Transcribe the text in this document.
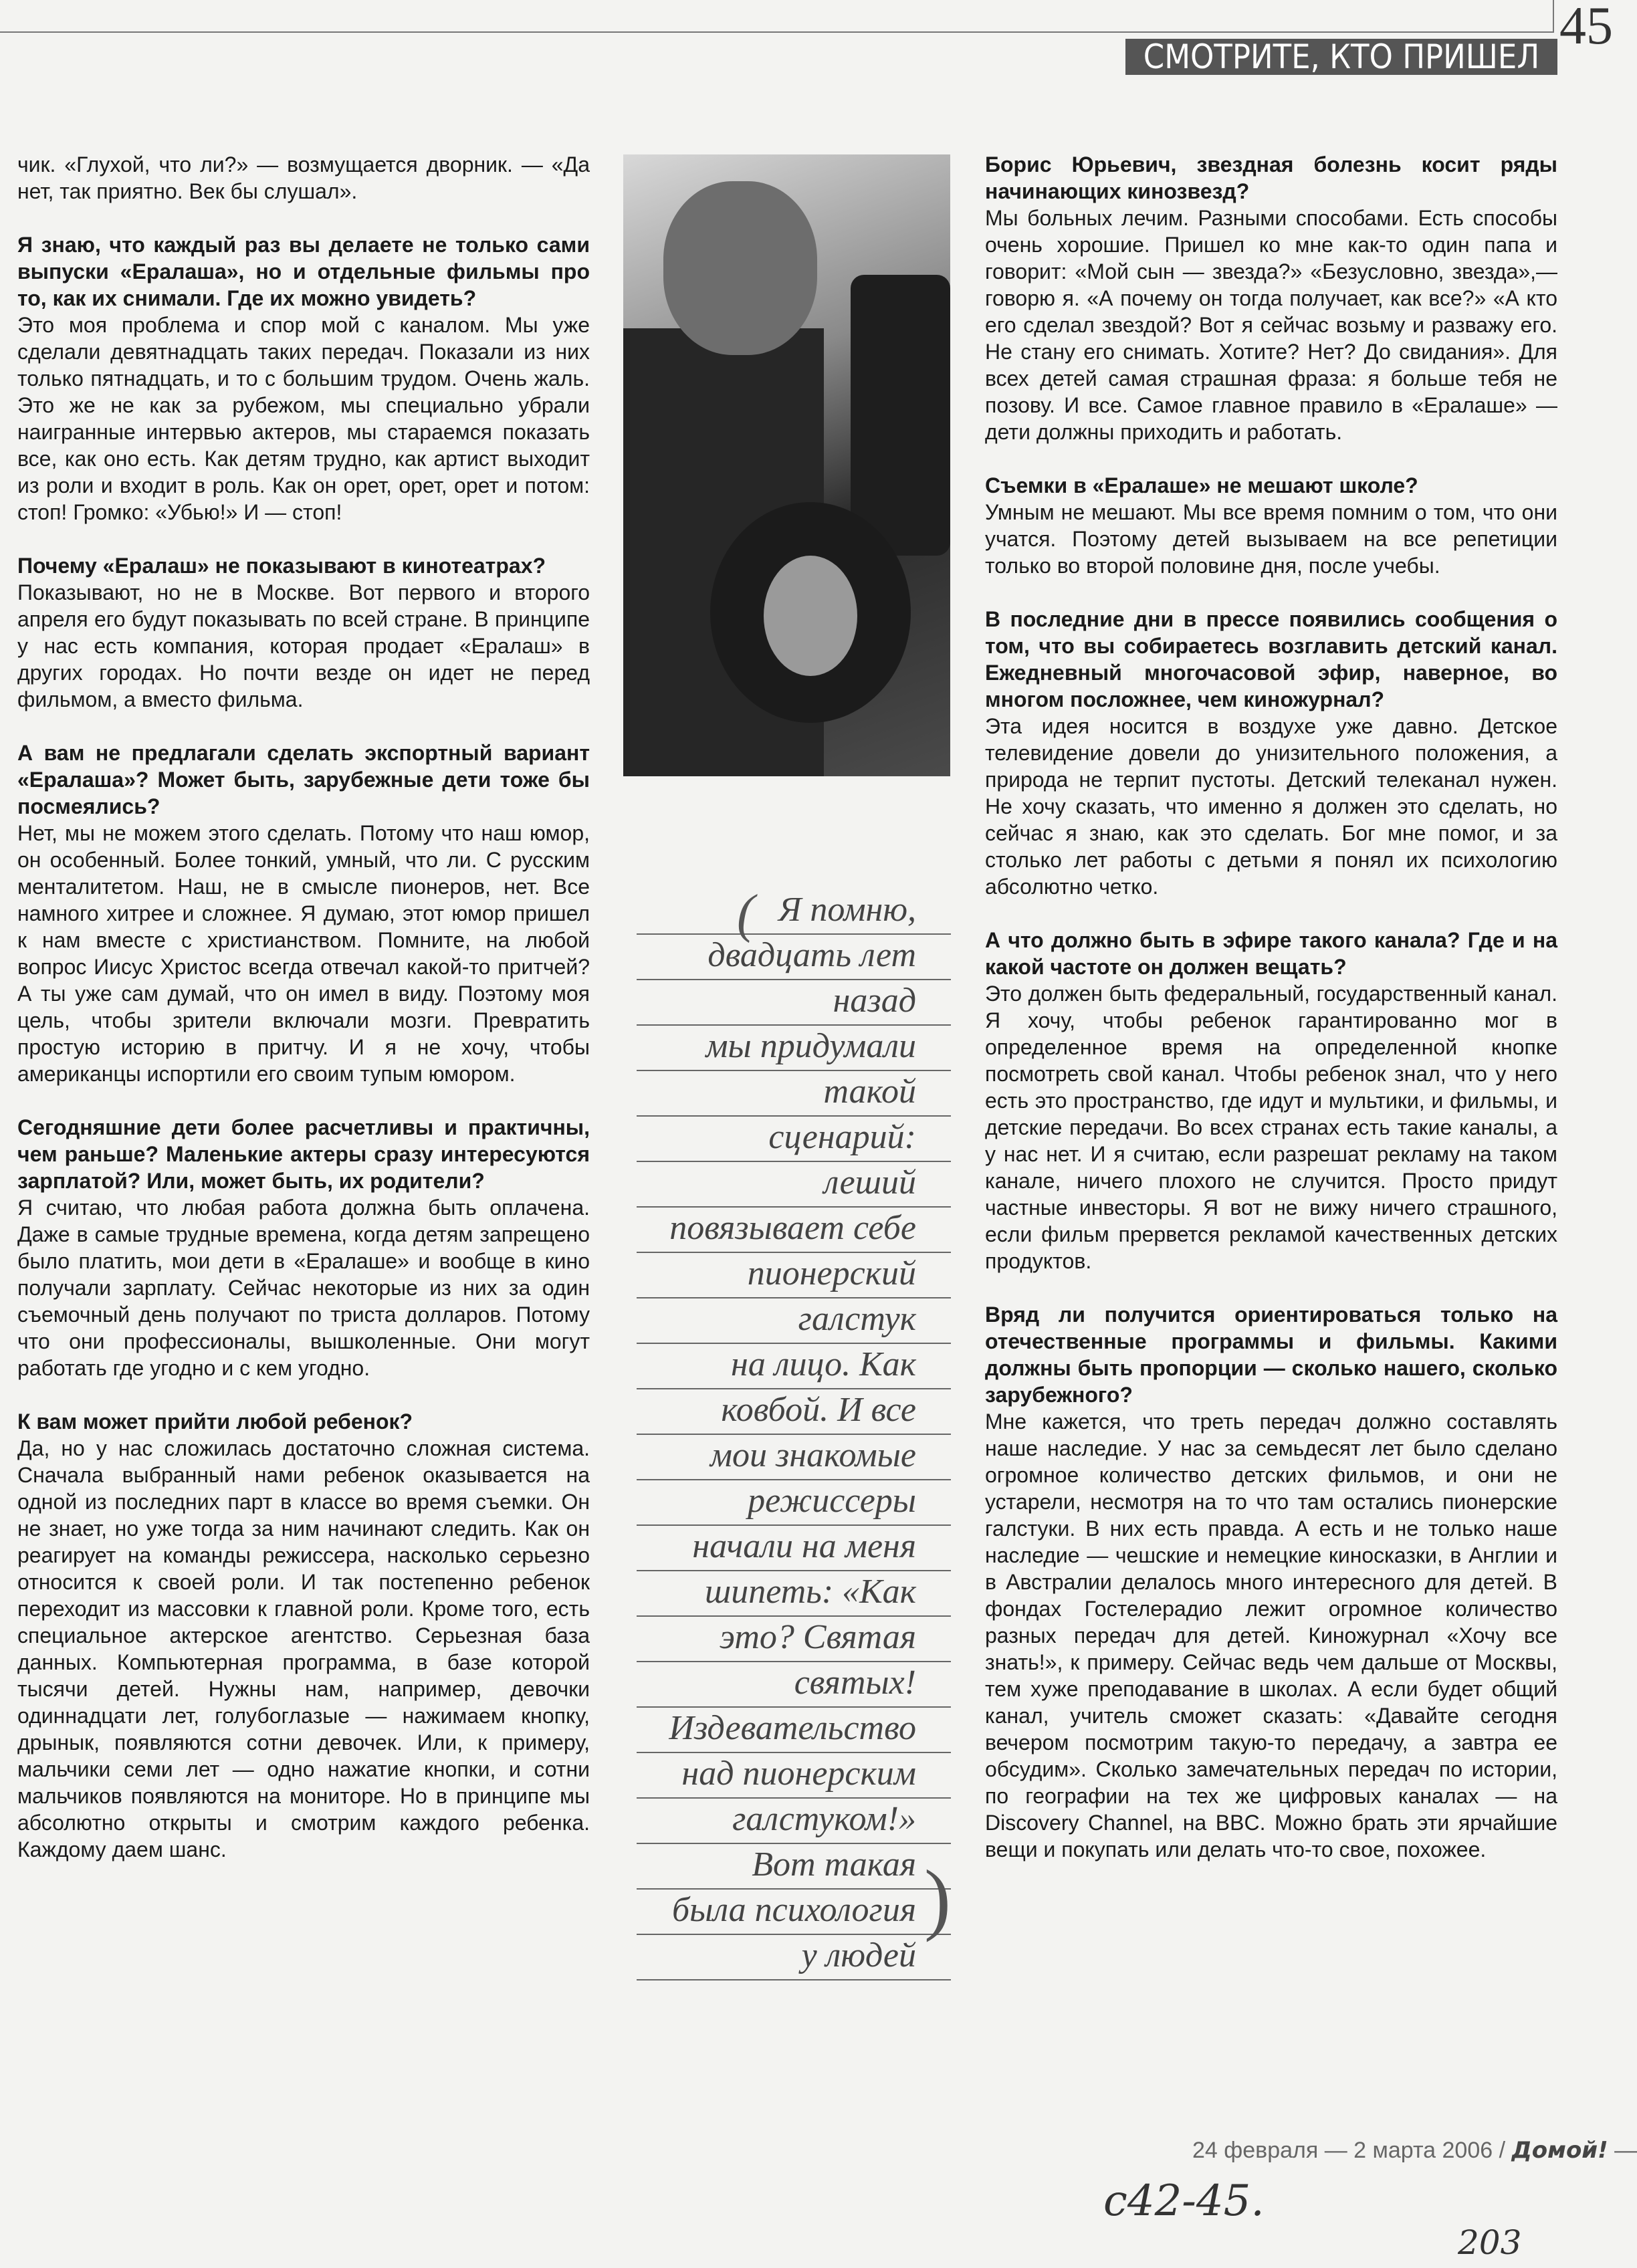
СМОТРИТЕ, КТО ПРИШЕЛ
45

чик. «Глухой, что ли?» — возмущается дворник. — «Да нет, так приятно. Век бы слушал».

Я знаю, что каждый раз вы делаете не только сами выпуски «Ералаша», но и отдельные фильмы про то, как их снимали. Где их можно увидеть?

Это моя проблема и спор мой с каналом. Мы уже сделали девятнадцать таких передач. Показали из них только пятнадцать, и то с большим трудом. Очень жаль. Это же не как за рубежом, мы специально убрали наигранные интервью актеров, мы стараемся показать все, как оно есть. Как детям трудно, как артист выходит из роли и входит в роль. Как он орет, орет, орет и потом: стоп! Громко: «Убью!» И — стоп!

Почему «Ералаш» не показывают в кинотеатрах?

Показывают, но не в Москве. Вот первого и второго апреля его будут показывать по всей стране. В принципе у нас есть компания, которая продает «Ералаш» в других городах. Но почти везде он идет не перед фильмом, а вместо фильма.

А вам не предлагали сделать экспортный вариант «Ералаша»? Может быть, зарубежные дети тоже бы посмеялись?

Нет, мы не можем этого сделать. Потому что наш юмор, он особенный. Более тонкий, умный, что ли. С русским менталитетом. Наш, не в смысле пионеров, нет. Все намного хитрее и сложнее. Я думаю, этот юмор пришел к нам вместе с христианством. Помните, на любой вопрос Иисус Христос всегда отвечал какой-то притчей? А ты уже сам думай, что он имел в виду. Поэтому моя цель, чтобы зрители включали мозги. Превратить простую историю в притчу. И я не хочу, чтобы американцы испортили его своим тупым юмором.

Сегодняшние дети более расчетливы и практичны, чем раньше? Маленькие актеры сразу интересуются зарплатой? Или, может быть, их родители?

Я считаю, что любая работа должна быть оплачена. Даже в самые трудные времена, когда детям запрещено было платить, мои дети в «Ералаше» и вообще в кино получали зарплату. Сейчас некоторые из них за один съемочный день получают по триста долларов. Потому что они профессионалы, вышколенные. Они могут работать где угодно и с кем угодно.

К вам может прийти любой ребенок?

Да, но у нас сложилась достаточно сложная система. Сначала выбранный нами ребенок оказывается на одной из последних парт в классе во время съемки. Он не знает, но уже тогда за ним начинают следить. Как он реагирует на команды режиссера, насколько серьезно относится к своей роли. И так постепенно ребенок переходит из массовки к главной роли. Кроме того, есть специальное актерское агентство. Серьезная база данных. Компьютерная программа, в базе которой тысячи детей. Нужны нам, например, девочки одиннадцати лет, голубоглазые — нажимаем кнопку, дрынык, появляются сотни девочек. Или, к примеру, мальчики семи лет — одно нажатие кнопки, и сотни мальчиков появляются на мониторе. Но в принципе мы абсолютно открыты и смотрим каждого ребенка. Каждому даем шанс.

(
)
Я помню,
двадцать лет
назад
мы придумали
такой
сценарий:
леший
повязывает себе
пионерский
галстук
на лицо. Как
ковбой. И все
мои знакомые
режиссеры
начали на меня
шипеть: «Как
это? Святая
святых!
Издевательство
над пионерским
галстуком!»
Вот такая
была психология
у людей

Борис Юрьевич, звездная болезнь косит ряды начинающих кинозвезд?

Мы больных лечим. Разными способами. Есть способы очень хорошие. Пришел ко мне как-то один папа и говорит: «Мой сын — звезда?» «Безусловно, звезда»,— говорю я. «А почему он тогда получает, как все?» «А кто его сделал звездой? Вот я сейчас возьму и разважу его. Не стану его снимать. Хотите? Нет? До свидания». Для всех детей самая страшная фраза: я больше тебя не позову. И все. Самое главное правило в «Ералаше» — дети должны приходить и работать.

Съемки в «Ералаше» не мешают школе?

Умным не мешают. Мы все время помним о том, что они учатся. Поэтому детей вызываем на все репетиции только во второй половине дня, после учебы.

В последние дни в прессе появились сообщения о том, что вы собираетесь возглавить детский канал. Ежедневный многочасовой эфир, наверное, во многом посложнее, чем киножурнал?

Эта идея носится в воздухе уже давно. Детское телевидение довели до унизительного положения, а природа не терпит пустоты. Детский телеканал нужен. Не хочу сказать, что именно я должен это сделать, но сейчас я знаю, как это сделать. Бог мне помог, и за столько лет работы с детьми я понял их психологию абсолютно четко.

А что должно быть в эфире такого канала? Где и на какой частоте он должен вещать?

Это должен быть федеральный, государственный канал. Я хочу, чтобы ребенок гарантированно мог в определенное время на определенной кнопке посмотреть свой канал. Чтобы ребенок знал, что у него есть это пространство, где идут и мультики, и фильмы, и детские передачи. Во всех странах есть такие каналы, а у нас нет. И я считаю, если разрешат рекламу на таком канале, ничего плохого не случится. Просто придут частные инвесторы. Я вот не вижу ничего страшного, если фильм прервется рекламой качественных детских продуктов.

Вряд ли получится ориентироваться только на отечественные программы и фильмы. Какими должны быть пропорции — сколько нашего, сколько зарубежного?

Мне кажется, что треть передач должно составлять наше наследие. У нас за семьдесят лет было сделано огромное количество детских фильмов, и они не устарели, несмотря на то что там остались пионерские галстуки. В них есть правда. А есть и не только наше наследие — чешские и немецкие киносказки, в Англии и в Австралии делалось много интересного для детей. В фондах Гостелерадио лежит огромное количество разных передач для детей. Киножурнал «Хочу все знать!», к примеру. Сейчас ведь чем дальше от Москвы, тем хуже преподавание в школах. А если будет общий канал, учитель сможет сказать: «Давайте сегодня вечером посмотрим такую-то передачу, а завтра ее обсудим». Сколько замечательных передач по истории, по географии на тех же цифровых каналах — на Discovery Channel, на BBC. Можно брать эти ярчайшие вещи и покупать или делать что-то свое, похожее.

24 февраля — 2 марта 2006 / Домой! —
с42-45.
203
